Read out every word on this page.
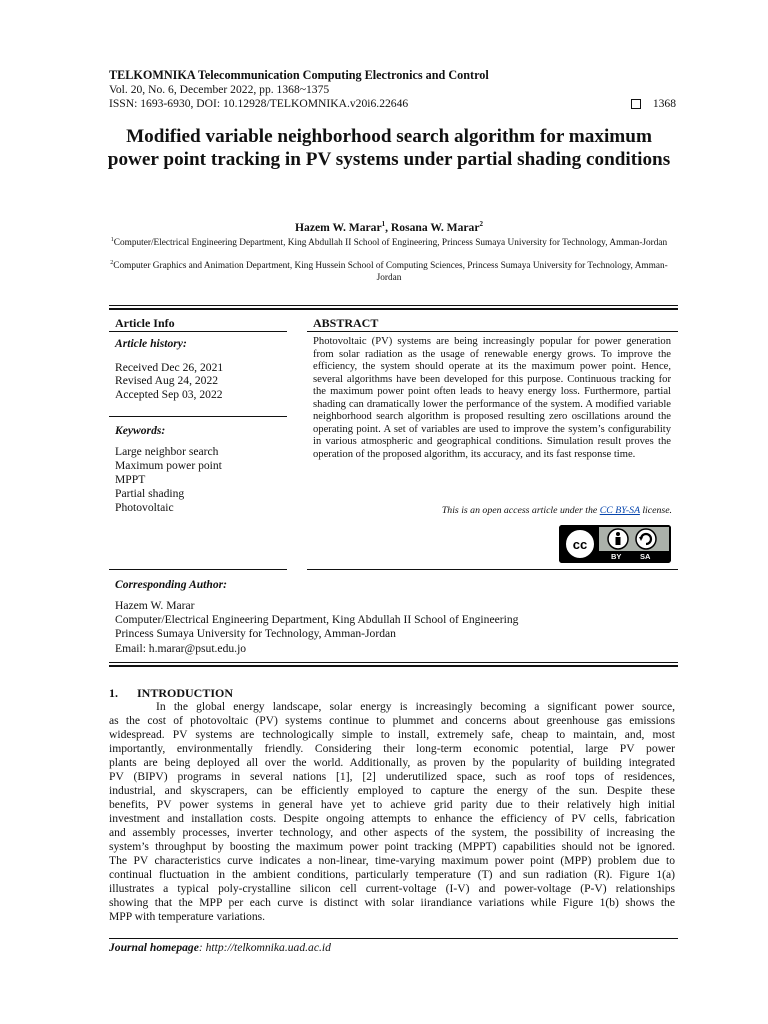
TELKOMNIKA Telecommunication Computing Electronics and Control
Vol. 20, No. 6, December 2022, pp. 1368~1375
ISSN: 1693-6930, DOI: 10.12928/TELKOMNIKA.v20i6.22646	1368
Modified variable neighborhood search algorithm for maximum power point tracking in PV systems under partial shading conditions
Hazem W. Marar$^1$, Rosana W. Marar$^2$
$^1$Computer/Electrical Engineering Department, King Abdullah II School of Engineering, Princess Sumaya University for Technology, Amman-Jordan
$^2$Computer Graphics and Animation Department, King Hussein School of Computing Sciences, Princess Sumaya University for Technology, Amman-Jordan
Article Info
Article history:
Received Dec 26, 2021
Revised Aug 24, 2022
Accepted Sep 03, 2022
Keywords:
Large neighbor search
Maximum power point
MPPT
Partial shading
Photovoltaic
ABSTRACT
Photovoltaic (PV) systems are being increasingly popular for power generation from solar radiation as the usage of renewable energy grows. To improve the efficiency, the system should operate at its the maximum power point. Hence, several algorithms have been developed for this purpose. Continuous tracking for the maximum power point often leads to heavy energy loss. Furthermore, partial shading can dramatically lower the performance of the system. A modified variable neighborhood search algorithm is proposed resulting zero oscillations around the operating point. A set of variables are used to improve the system’s configurability in various atmospheric and geographical conditions. Simulation result proves the operation of the proposed algorithm, its accuracy, and its fast response time.
This is an open access article under the CC BY-SA license.
cc
BY SA
Corresponding Author:
Hazem W. Marar
Computer/Electrical Engineering Department, King Abdullah II School of Engineering
Princess Sumaya University for Technology, Amman-Jordan
Email: h.marar@psut.edu.jo
1. INTRODUCTION
In the global energy landscape, solar energy is increasingly becoming a significant power source,
as the cost of photovoltaic (PV) systems continue to plummet and concerns about greenhouse gas emissions
widespread. PV systems are technologically simple to install, extremely safe, cheap to maintain, and, most
importantly, environmentally friendly. Considering their long-term economic potential, large PV power
plants are being deployed all over the world. Additionally, as proven by the popularity of building integrated
PV (BIPV) programs in several nations [1], [2] underutilized space, such as roof tops of residences,
industrial, and skyscrapers, can be efficiently employed to capture the energy of the sun. Despite these
benefits, PV power systems in general have yet to achieve grid parity due to their relatively high initial
investment and installation costs. Despite ongoing attempts to enhance the efficiency of PV cells, fabrication
and assembly processes, inverter technology, and other aspects of the system, the possibility of increasing the
system’s throughput by boosting the maximum power point tracking (MPPT) capabilities should not be ignored.
The PV characteristics curve indicates a non-linear, time-varying maximum power point (MPP) problem due to
continual fluctuation in the ambient conditions, particularly temperature (T) and sun radiation (R). Figure 1(a)
illustrates a typical poly-crystalline silicon cell current-voltage (I-V) and power-voltage (P-V) relationships
showing that the MPP per each curve is distinct with solar iirandiance variations while Figure 1(b) shows the
MPP with temperature variations.
Journal homepage: http://telkomnika.uad.ac.id
